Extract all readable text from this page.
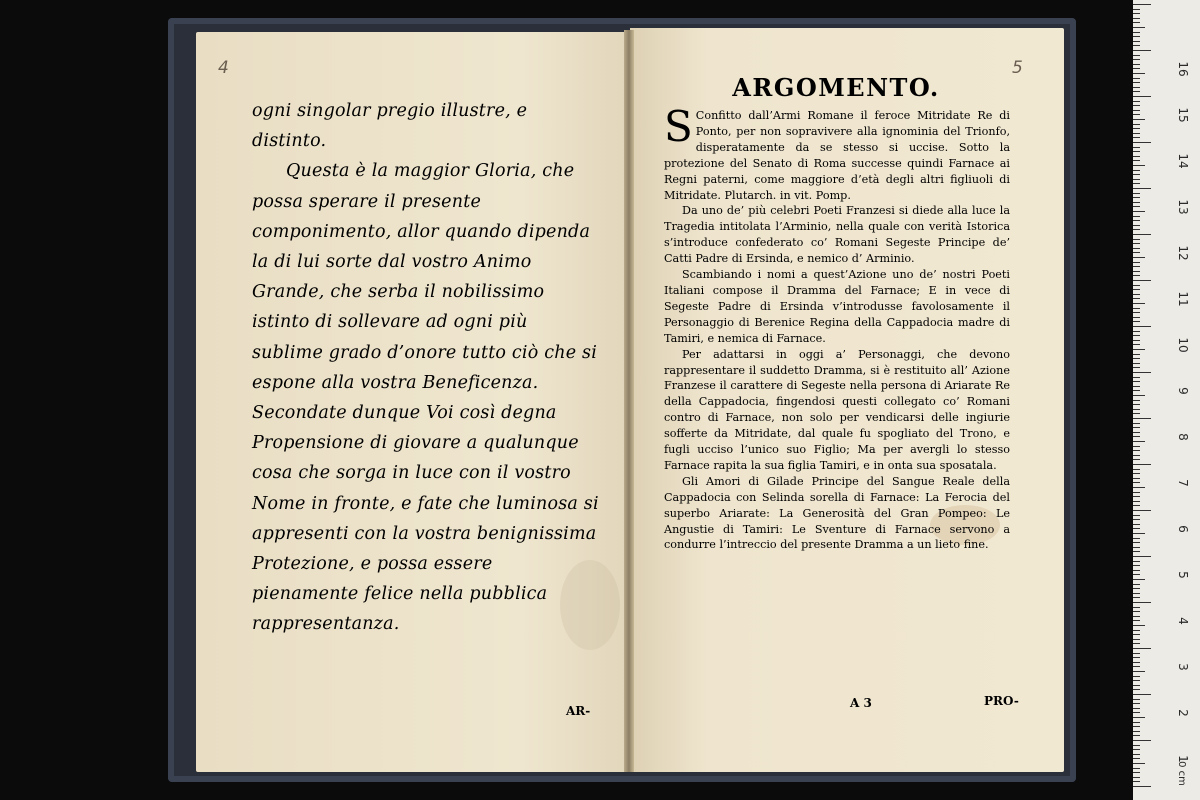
4

ogni singolar pregio illustre, e distinto.

Questa è la maggior Gloria, che possa sperare il presente componimento, allor quando dipenda la di lui sorte dal vostro Animo Grande, che serba il nobilissimo istinto di sollevare ad ogni più sublime grado d’onore tutto ciò che si espone alla vostra Beneficenza. Secondate dunque Voi così degna Propensione di giovare a qualunque cosa che sorga in luce con il vostro Nome in fronte, e fate che luminosa si appresenti con la vostra benignissima Protezione, e possa essere pienamente felice nella pubblica rappresentanza.

AR-
5
ARGOMENTO.

S Confitto dall’Armi Romane il feroce Mitridate Re di Ponto, per non sopravivere alla ignominia del Trionfo, disperatamente da se stesso si uccise. Sotto la protezione del Senato di Roma successe quindi Farnace ai Regni paterni, come maggiore d’età degli altri figliuoli di Mitridate. Plutarch. in vit. Pomp.

Da uno de’ più celebri Poeti Franzesi si diede alla luce la Tragedia intitolata l’Arminio, nella quale con verità Istorica s’introduce confederato co’ Romani Segeste Principe de’ Catti Padre di Ersinda, e nemico d’ Arminio.

Scambiando i nomi a quest’Azione uno de’ nostri Poeti Italiani compose il Dramma del Farnace; E in vece di Segeste Padre di Ersinda v’introdusse favolosamente il Personaggio di Berenice Regina della Cappadocia madre di Tamiri, e nemica di Farnace.

Per adattarsi in oggi a’ Personaggi, che devono rappresentare il suddetto Dramma, si è restituito all’ Azione Franzese il carattere di Segeste nella persona di Ariarate Re della Cappadocia, fingendosi questi collegato co’ Romani contro di Farnace, non solo per vendicarsi delle ingiurie sofferte da Mitridate, dal quale fu spogliato del Trono, e fugli ucciso l’unico suo Figlio; Ma per avergli lo stesso Farnace rapita la sua figlia Tamiri, e in onta sua sposatala.

Gli Amori di Gilade Principe del Sangue Reale della Cappadocia con Selinda sorella di Farnace: La Ferocia del superbo Ariarate: La Generosità del Gran Pompeo: Le Angustie di Tamiri: Le Sventure di Farnace servono a condurre l’intreccio del presente Dramma a un lieto fine.

A 3	PRO-
1
2
3
4
5
6
7
8
9
10
11
12
13
14
15
16
0 cm
